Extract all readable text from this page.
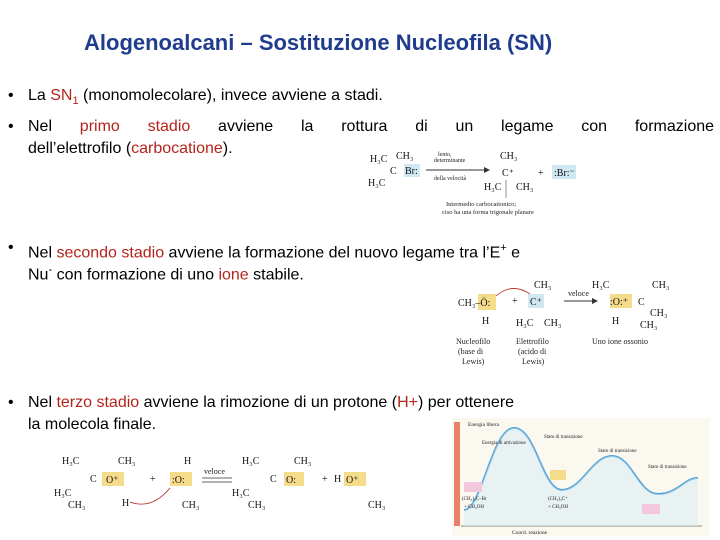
Alogenoalcani – Sostituzione Nucleofila (SN)
• La $SN_1$ (monomolecolare), invece avviene a stadi.
• Nel primo stadio avviene la rottura di un legame con formazione
dell’elettrofilo (carbocatione).
H₃C CH₃
H₃C
C Br:
lento,
determinante
della velocità
CH₃
C⁺
H₃C CH₃
+ :Br:⁻
Intermedio carbocationico;
ciso ha una forma trigonale planare
• Nel secondo stadio avviene la formazione del nuovo legame tra l’E+ e
Nu- con formazione di uno ione stabile.
CH₃–Ö:
H
+
CH₃
C⁺
H₃C CH₃
veloce
H₃C	CH₃
:O:⁺ C
CH₃
H CH₃
Nucleofilo
(base di
Lewis)
Elettrofilo
(acido di
Lewis)
Uno ione ossonio
• Nel terzo stadio avviene la rimozione di un protone (H+) per ottenere
la molecola finale.
H₃C	CH₃
C O⁺
H₃C
CH₃	H
+
H
:O:
CH₃
veloce
H₃C	CH₃
C O:
H₃C
CH₃
+ H O⁺
CH₃
Energia libera
Energia di attivazione
Stato di transizione
Stato di transizione
Stato di transizione
(CH₃)₃C–Br
+ CH₃OH
(CH₃)₃C⁺
+ CH₃OH
Coord. reazione
